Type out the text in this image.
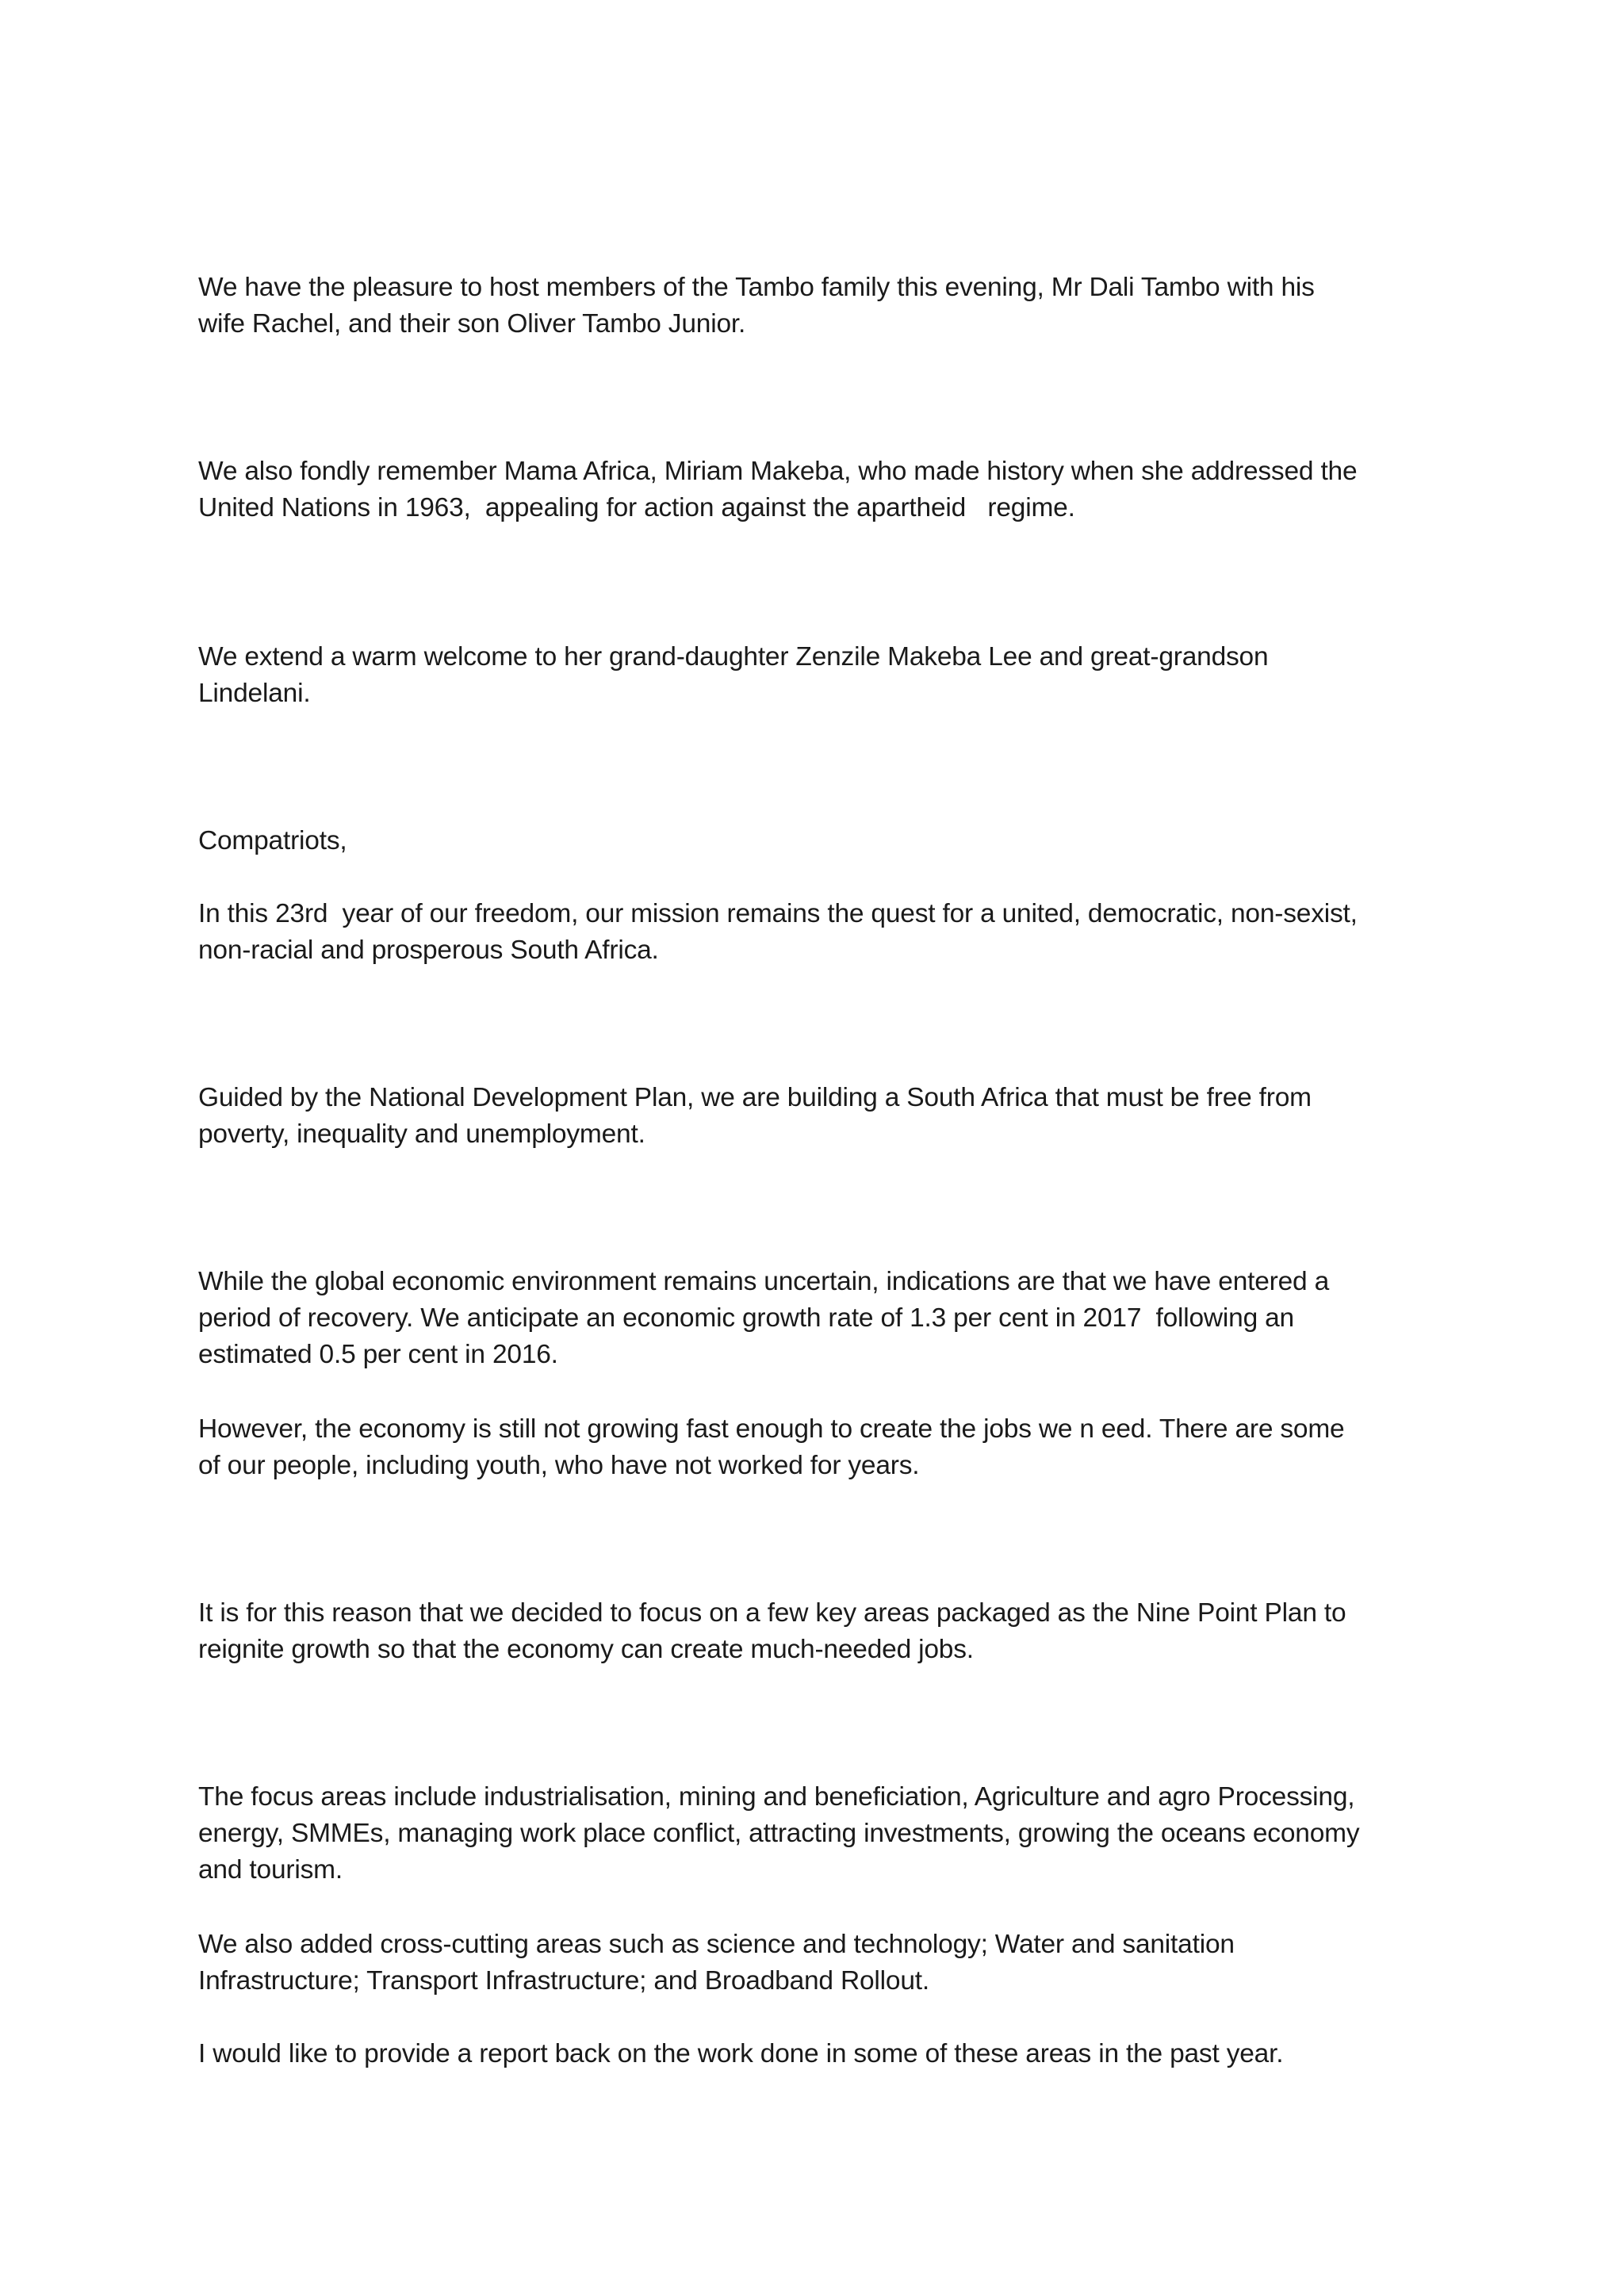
We have the pleasure to host members of the Tambo family this evening, Mr Dali Tambo with his
wife Rachel, and their son Oliver Tambo Junior.

We also fondly remember Mama Africa, Miriam Makeba, who made history when she addressed the
United Nations in 1963,  appealing for action against the apartheid   regime.

We extend a warm welcome to her grand-daughter Zenzile Makeba Lee and great-grandson
Lindelani.

Compatriots,

In this 23rd  year of our freedom, our mission remains the quest for a united, democratic, non-sexist,
non-racial and prosperous South Africa.

Guided by the National Development Plan, we are building a South Africa that must be free from
poverty, inequality and unemployment.

While the global economic environment remains uncertain, indications are that we have entered a
period of recovery. We anticipate an economic growth rate of 1.3 per cent in 2017  following an
estimated 0.5 per cent in 2016.

However, the economy is still not growing fast enough to create the jobs we n eed. There are some
of our people, including youth, who have not worked for years.

It is for this reason that we decided to focus on a few key areas packaged as the Nine Point Plan to
reignite growth so that the economy can create much-needed jobs.

The focus areas include industrialisation, mining and beneficiation, Agriculture and agro Processing,
energy, SMMEs, managing work place conflict, attracting investments, growing the oceans economy
and tourism.

We also added cross-cutting areas such as science and technology; Water and sanitation
Infrastructure; Transport Infrastructure; and Broadband Rollout.

I would like to provide a report back on the work done in some of these areas in the past year.
